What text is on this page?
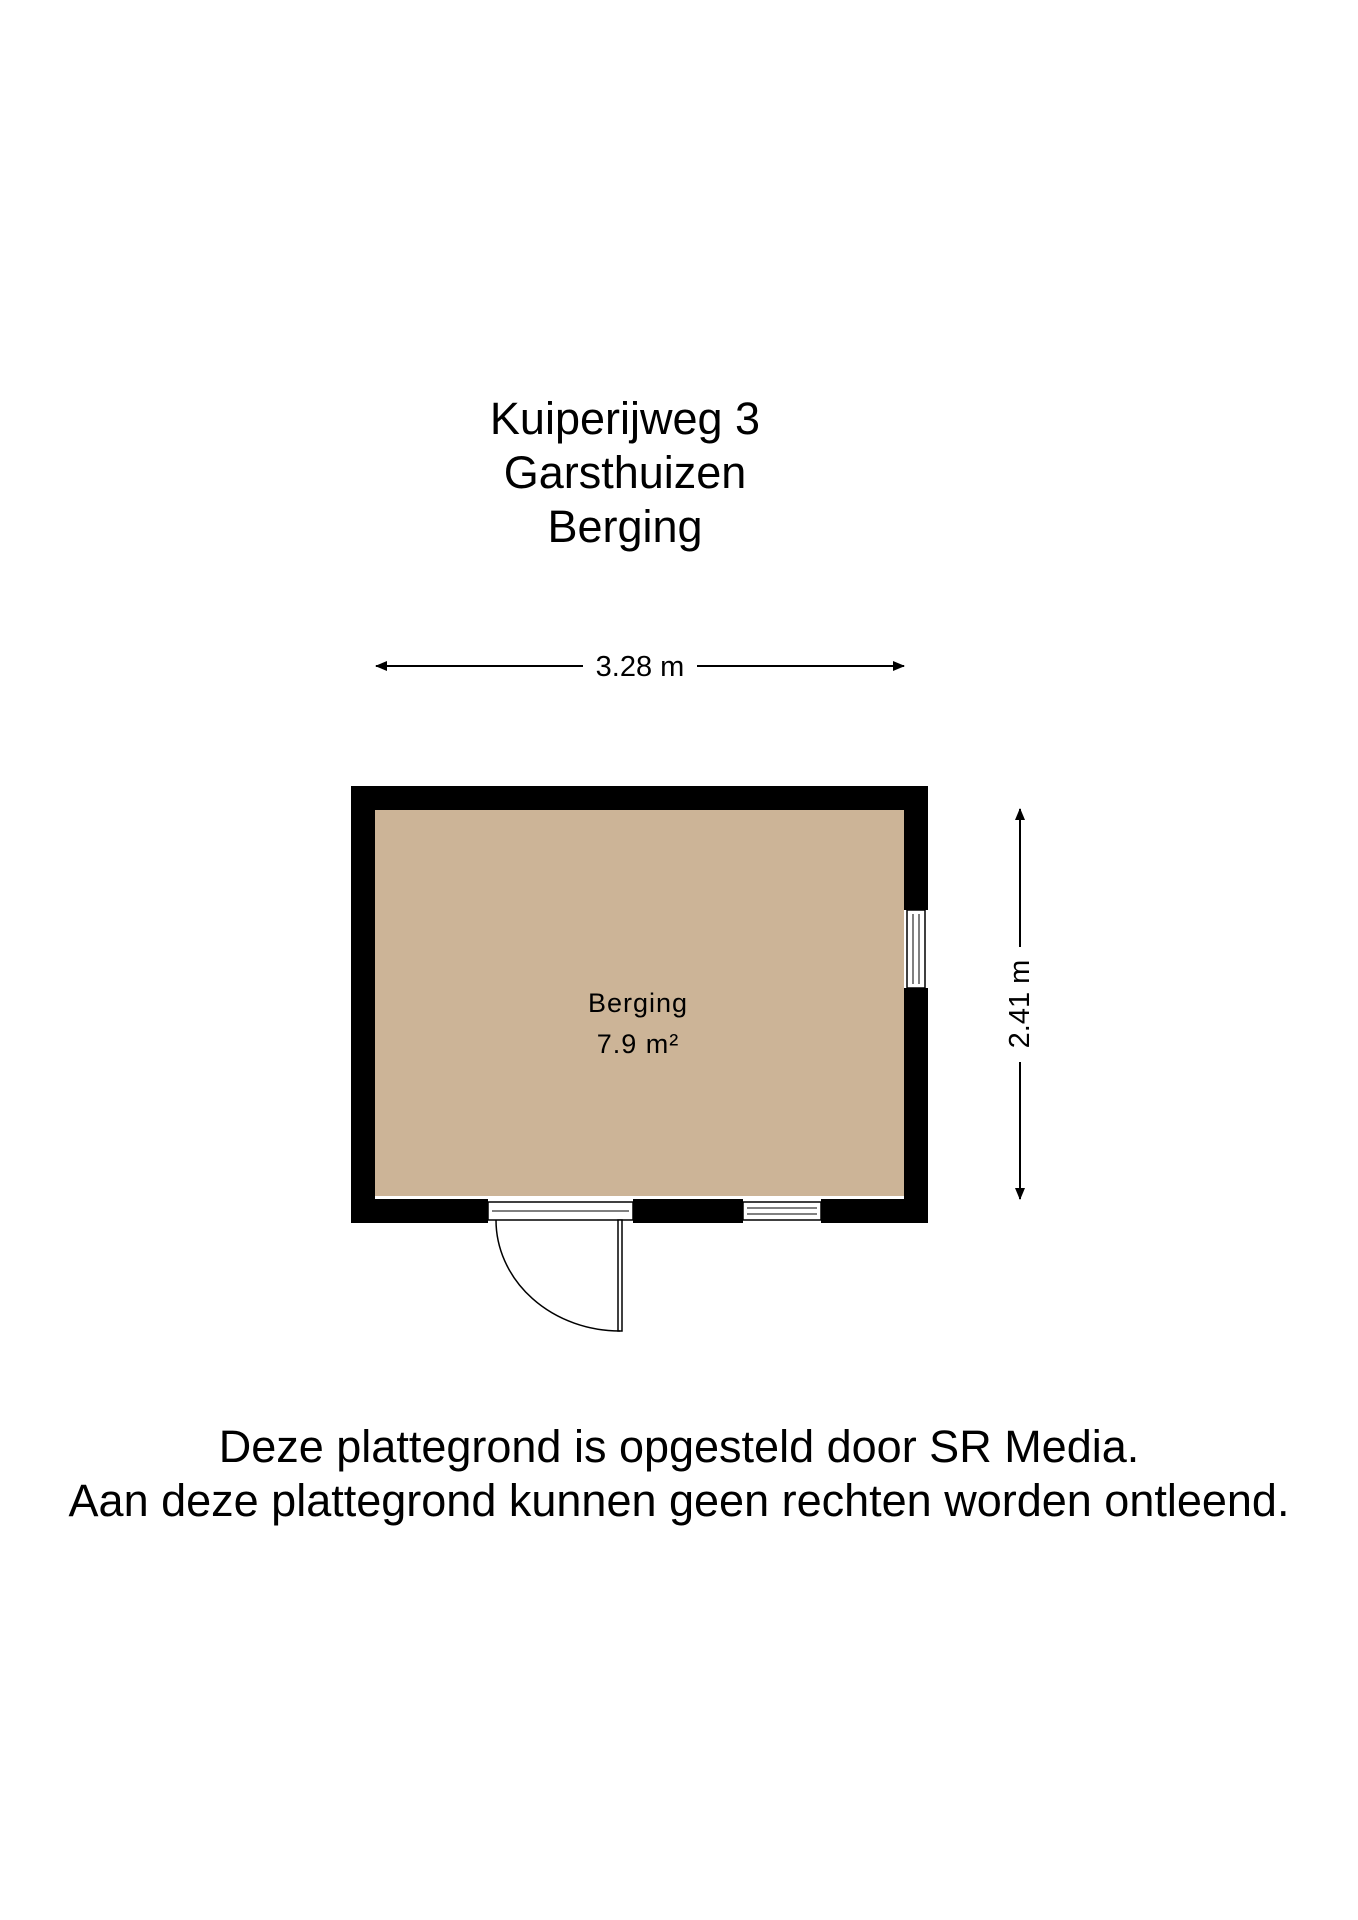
Kuiperijweg 3
Garsthuizen
Berging
3.28 m
2.41 m
Berging
7.9 m²
Deze plattegrond is opgesteld door SR Media.
Aan deze plattegrond kunnen geen rechten worden ontleend.
